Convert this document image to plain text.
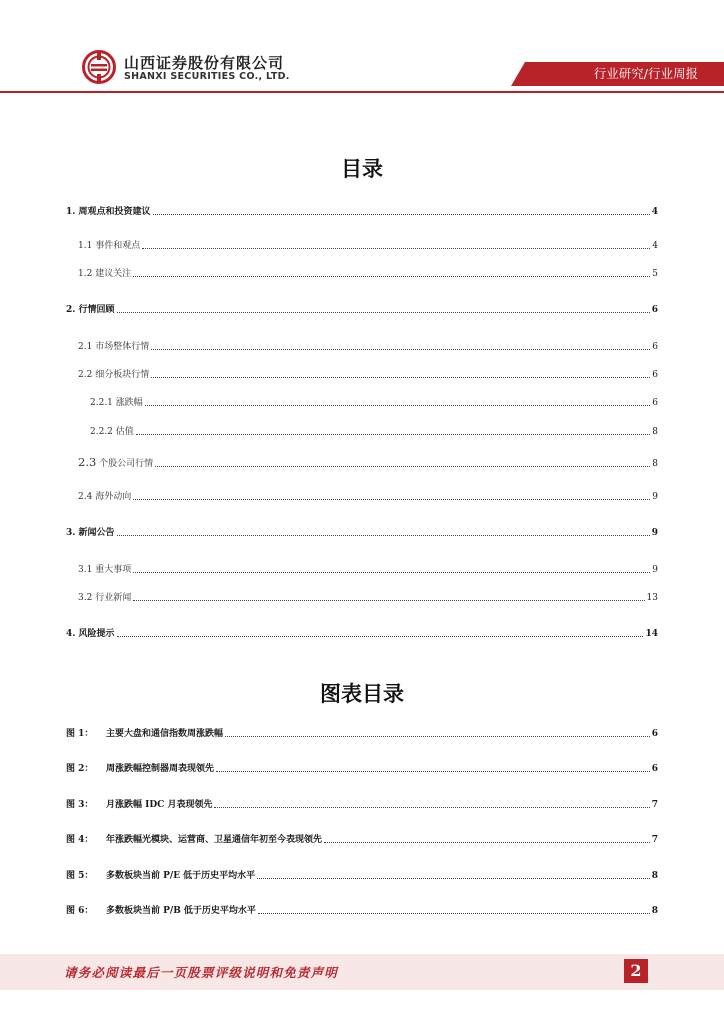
山西证券股份有限公司
SHANXI SECURITIES CO., LTD.	行业研究/行业周报
目录
1. 周观点和投资建议	4
1.1 事件和观点	4
1.2 建议关注	5
2. 行情回顾	6
2.1 市场整体行情	6
2.2 细分板块行情	6
2.2.1 涨跌幅	6
2.2.2 估值	8
2.3 个股公司行情	8
2.4 海外动向	9
3. 新闻公告	9
3.1 重大事项	9
3.2 行业新闻	13
4. 风险提示	14
图表目录
图 1： 主要大盘和通信指数周涨跌幅	6
图 2： 周涨跌幅控制器周表现领先	6
图 3： 月涨跌幅 IDC 月表现领先	7
图 4： 年涨跌幅光模块、运营商、卫星通信年初至今表现领先	7
图 5： 多数板块当前 P/E 低于历史平均水平	8
图 6： 多数板块当前 P/B 低于历史平均水平	8
请务必阅读最后一页股票评级说明和免责声明	2
